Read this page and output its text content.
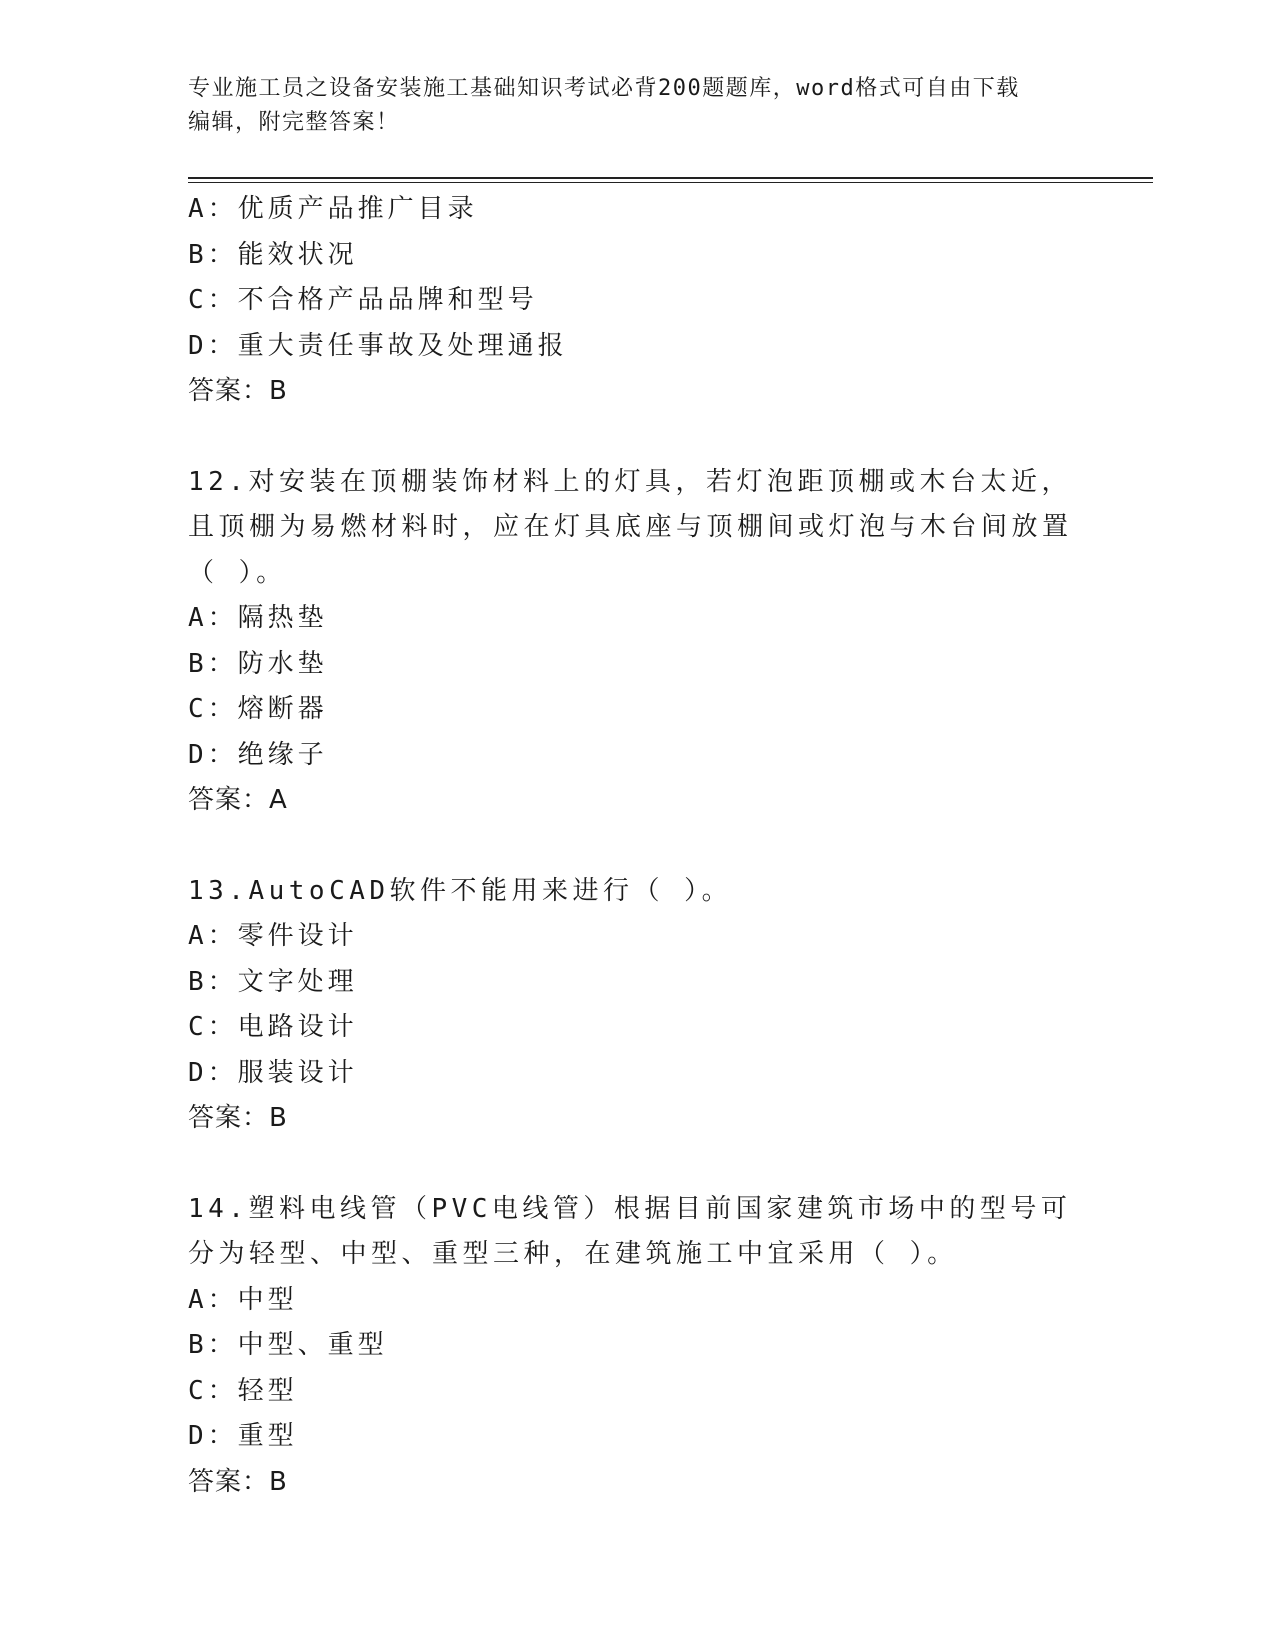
专业施工员之设备安装施工基础知识考试必背200题题库，word格式可自由下载
编辑，附完整答案！
A：优质产品推广目录
B：能效状况
C：不合格产品品牌和型号
D：重大责任事故及处理通报
答案：B
12.对安装在顶棚装饰材料上的灯具，若灯泡距顶棚或木台太近，且顶棚为易燃材料时，应在灯具底座与顶棚间或灯泡与木台间放置（ ）。
A：隔热垫
B：防水垫
C：熔断器
D：绝缘子
答案：A
13.AutoCAD软件不能用来进行（ ）。
A：零件设计
B：文字处理
C：电路设计
D：服装设计
答案：B
14.塑料电线管（PVC电线管）根据目前国家建筑市场中的型号可分为轻型、中型、重型三种，在建筑施工中宜采用（ ）。
A：中型
B：中型、重型
C：轻型
D：重型
答案：B
